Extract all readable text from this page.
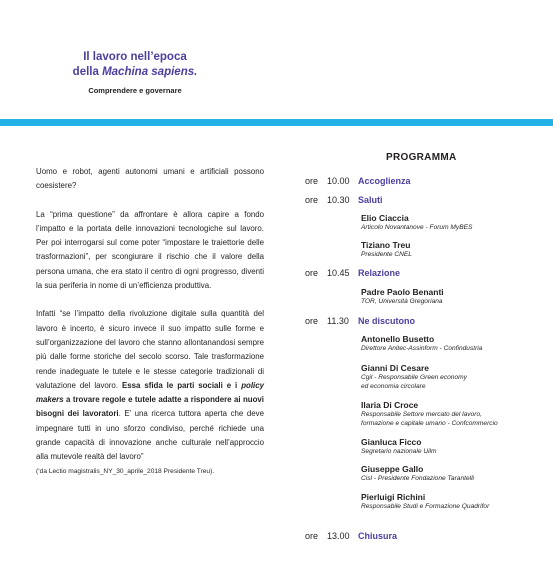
Il lavoro nell’epoca
della Machina sapiens.
Comprendere e governare

Uomo e robot, agenti autonomi umani e artificiali possono coesistere?

La “prima questione” da affrontare è allora capire a fondo l’impatto e la portata delle innovazioni tecnologiche sul lavoro. Per poi interrogarsi sul come poter “impostare le traiettorie delle trasformazioni”, per scongiurare il rischio che il valore della persona umana, che era stato il centro di ogni progresso, diventi la sua periferia in nome di un’efficienza produttiva.

Infatti “se l’impatto della rivoluzione digitale sulla quantità del lavoro è incerto, è sicuro invece il suo impatto sulle forme e sull’organizzazione del lavoro che stanno allontanandosi sempre più dalle forme storiche del secolo scorso. Tale trasformazione rende inadeguate le tutele e le stesse categorie tradizionali di valutazione del lavoro. Essa sfida le parti sociali e i policy makers a trovare regole e tutele adatte a rispondere ai nuovi bisogni dei lavoratori. E’ una ricerca tuttora aperta che deve impegnare tutti in uno sforzo condiviso, perché richiede una grande capacità di innovazione anche culturale nell’approccio alla mutevole realtà del lavoro”

(‘da Lectio magistralis_NY_30_aprile_2018 Presidente Treu).

PROGRAMMA
ore 10.00 Accoglienza
ore 10.30 Saluti
Elio Ciaccia
Articolo Novantanove - Forum MyBES
Tiziano Treu
Presidente CNEL
ore 10.45 Relazione
Padre Paolo Benanti
TOR, Università Gregoriana
ore 11.30 Ne discutono
Antonello Busetto
Direttore Anitec-Assinform - Confindustria
Gianni Di Cesare
Cgil - Responsabile Green economy
ed economia circolare
Ilaria Di Croce
Responsabile Settore mercato del lavoro,
formazione e capitale umano - Confcommercio
Gianluca Ficco
Segretario nazionale Uilm
Giuseppe Gallo
Cisl - Presidente Fondazione Tarantelli
Pierluigi Richini
Responsabile Studi e Formazione Quadrifor
ore 13.00 Chiusura
